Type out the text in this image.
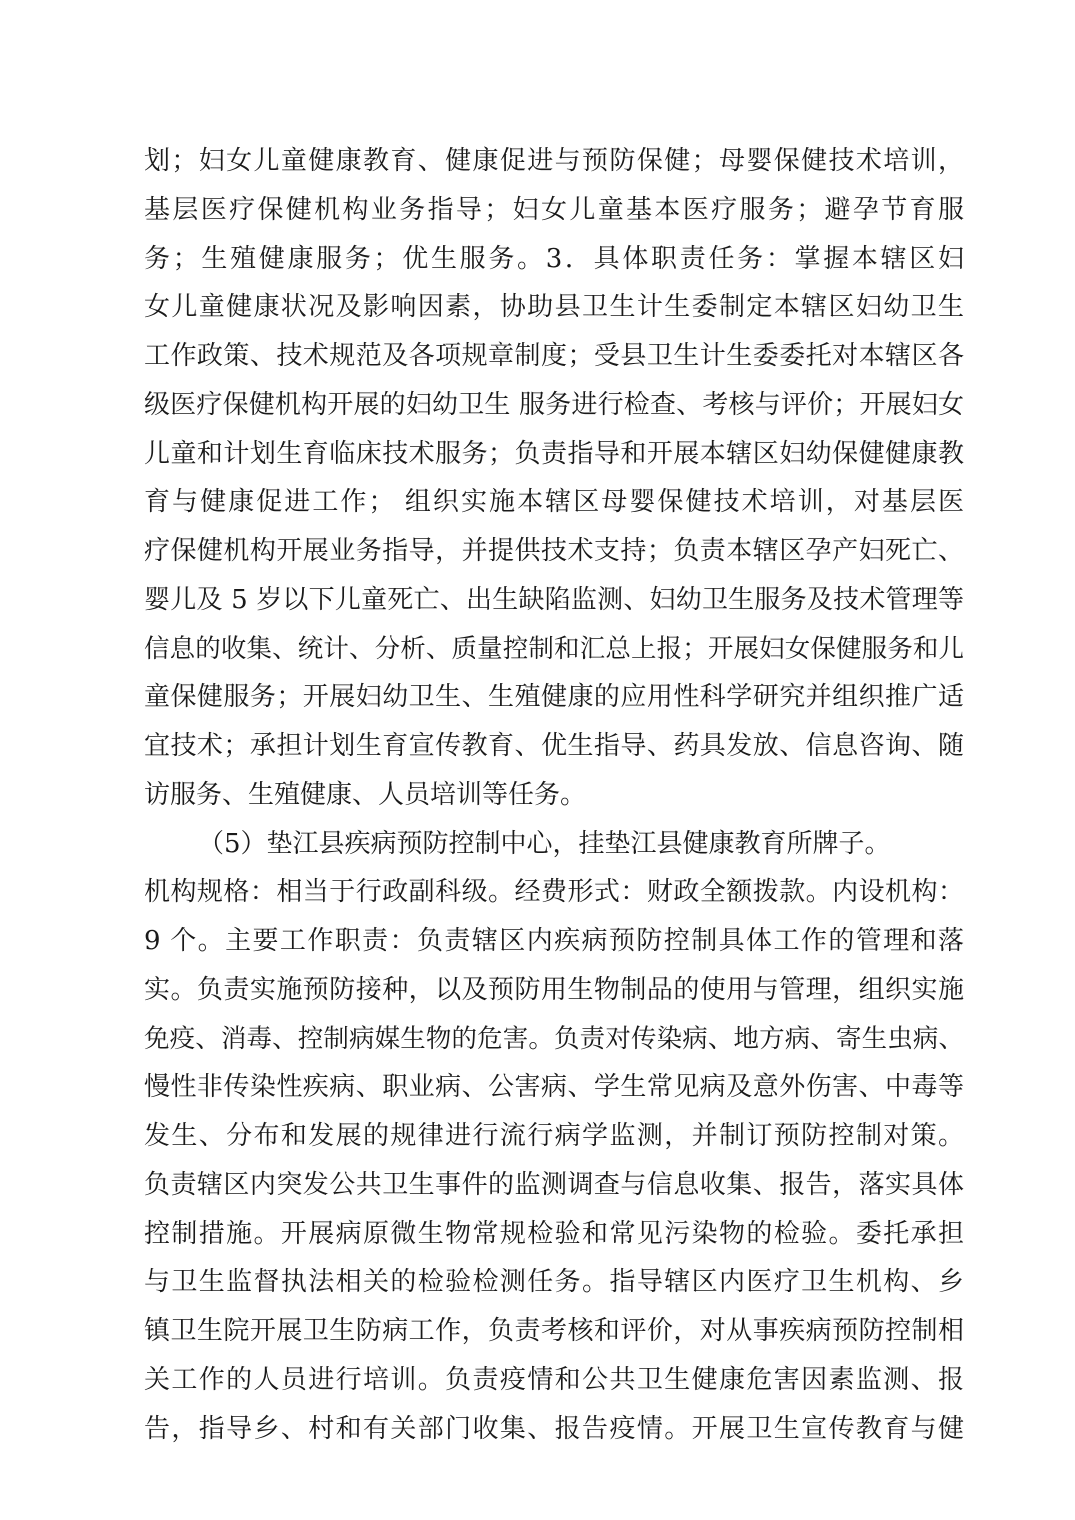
划；妇女儿童健康教育、健康促进与预防保健；母婴保健技术培训，
基层医疗保健机构业务指导；妇女儿童基本医疗服务；避孕节育服
务；生殖健康服务；优生服务。3．具体职责任务：掌握本辖区妇
女儿童健康状况及影响因素，协助县卫生计生委制定本辖区妇幼卫生
工作政策、技术规范及各项规章制度；受县卫生计生委委托对本辖区各
级医疗保健机构开展的妇幼卫生 服务进行检查、考核与评价；开展妇女
儿童和计划生育临床技术服务；负责指导和开展本辖区妇幼保健健康教
育与健康促进工作； 组织实施本辖区母婴保健技术培训，对基层医
疗保健机构开展业务指导，并提供技术支持；负责本辖区孕产妇死亡、
婴儿及 5 岁以下儿童死亡、出生缺陷监测、妇幼卫生服务及技术管理等
信息的收集、统计、分析、质量控制和汇总上报；开展妇女保健服务和儿
童保健服务；开展妇幼卫生、生殖健康的应用性科学研究并组织推广适
宜技术；承担计划生育宣传教育、优生指导、药具发放、信息咨询、随
访服务、生殖健康、人员培训等任务。
（5）垫江县疾病预防控制中心，挂垫江县健康教育所牌子。
机构规格：相当于行政副科级。经费形式：财政全额拨款。内设机构：
9 个。主要工作职责：负责辖区内疾病预防控制具体工作的管理和落
实。负责实施预防接种，以及预防用生物制品的使用与管理，组织实施
免疫、消毒、控制病媒生物的危害。负责对传染病、地方病、寄生虫病、
慢性非传染性疾病、职业病、公害病、学生常见病及意外伤害、中毒等
发生、分布和发展的规律进行流行病学监测，并制订预防控制对策。
负责辖区内突发公共卫生事件的监测调查与信息收集、报告，落实具体
控制措施。开展病原微生物常规检验和常见污染物的检验。委托承担
与卫生监督执法相关的检验检测任务。指导辖区内医疗卫生机构、乡
镇卫生院开展卫生防病工作，负责考核和评价，对从事疾病预防控制相
关工作的人员进行培训。负责疫情和公共卫生健康危害因素监测、报
告，指导乡、村和有关部门收集、报告疫情。开展卫生宣传教育与健
